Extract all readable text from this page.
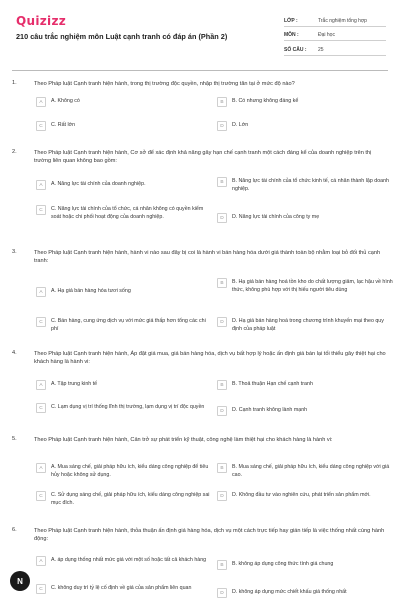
Quizizz
210 câu trắc nghiệm môn Luật cạnh tranh có đáp án (Phần 2)
LỚP :	Trắc nghiệm tổng hợp
MÔN :	Đại học
SỐ CÂU :	25
1.	Theo Pháp luật Cạnh tranh hiện hành, trong thị trường độc quyền, nhập thị trường tăn tại ở mức độ nào?
A	A. Không có	B	B. Có nhưng không đáng kể
C	C. Rất lớn	D	D. Lớn
2.	Theo Pháp luật Cạnh tranh hiện hành, Cơ sở để xác định khả năng gây hạn chế cạnh tranh một cách đáng kể của doanh nghiệp trên thị trường liên quan không bao gồm:
A	A. Năng lực tài chính của doanh nghiệp.	B	B. Năng lực tài chính của tổ chức kinh tế, cá nhân thành lập doanh nghiệp.
C	C. Năng lực tài chính của tổ chức, cá nhân không có quyền kiểm soát hoặc chi phối hoạt động của doanh nghiệp.	D	D. Năng lực tài chính của công ty mẹ
3.	Theo Pháp luật Cạnh tranh hiện hành, hành vi nào sau đây bị coi là hành vi bán hàng hóa dưới giá thành toàn bộ nhằm loại bỏ đối thủ cạnh tranh:
A	A. Hạ giá bán hàng hóa tươi sống
B	B. Hạ giá bán hàng hoá tồn kho do chất lượng giảm, lạc hậu về hình thức, không phù hợp với thị hiếu người tiêu dùng
C	C. Bán hàng, cung ứng dịch vụ với mức giá thấp hơn tổng các chi phí
D	D. Hạ giá bán hàng hoá trong chương trình khuyến mại theo quy định của pháp luật
4.	Theo Pháp luật Cạnh tranh hiện hành, Áp đặt giá mua, giá bán hàng hóa, dịch vụ bất hợp lý hoặc ấn định giá bán lại tối thiểu gây thiệt hại cho khách hàng là hành vi:
A	A. Tập trung kinh tế	B	B. Thoả thuận Hạn chế cạnh tranh
C	C. Lạm dụng vị trí thống lĩnh thị trường, lạm dụng vị trí độc quyền
D	D. Cạnh tranh không lành mạnh
5.	Theo Pháp luật Cạnh tranh hiện hành, Cản trở sự phát triển kỹ thuật, công nghệ làm thiệt hại cho khách hàng là hành vi:
A	A. Mua sáng chế, giải pháp hữu ích, kiểu dáng công nghiệp để tiêu hủy hoặc không sử dụng.
B	B. Mua sáng chế, giải pháp hữu ích, kiểu dáng công nghiệp với giá cao.
C	C. Sử dụng sáng chế, giải pháp hữu ích, kiểu dáng công nghiệp sai mục đích.
D	D. Không đầu tư vào nghiên cứu, phát triển sản phẩm mới.
6.	Theo Pháp luật Cạnh tranh hiện hành, thỏa thuận ấn định giá hàng hóa, dịch vụ một cách trực tiếp hay gián tiếp là việc thống nhất cùng hành động:
A	A. áp dụng thống nhất mức giá với một số hoặc tất cả khách hàng
B	B. không áp dụng công thức tính giá chung
C	C. không duy trì tỷ lệ cố định về giá của sản phẩm liên quan
D	D. không áp dụng mức chiết khấu giá thống nhất
N
